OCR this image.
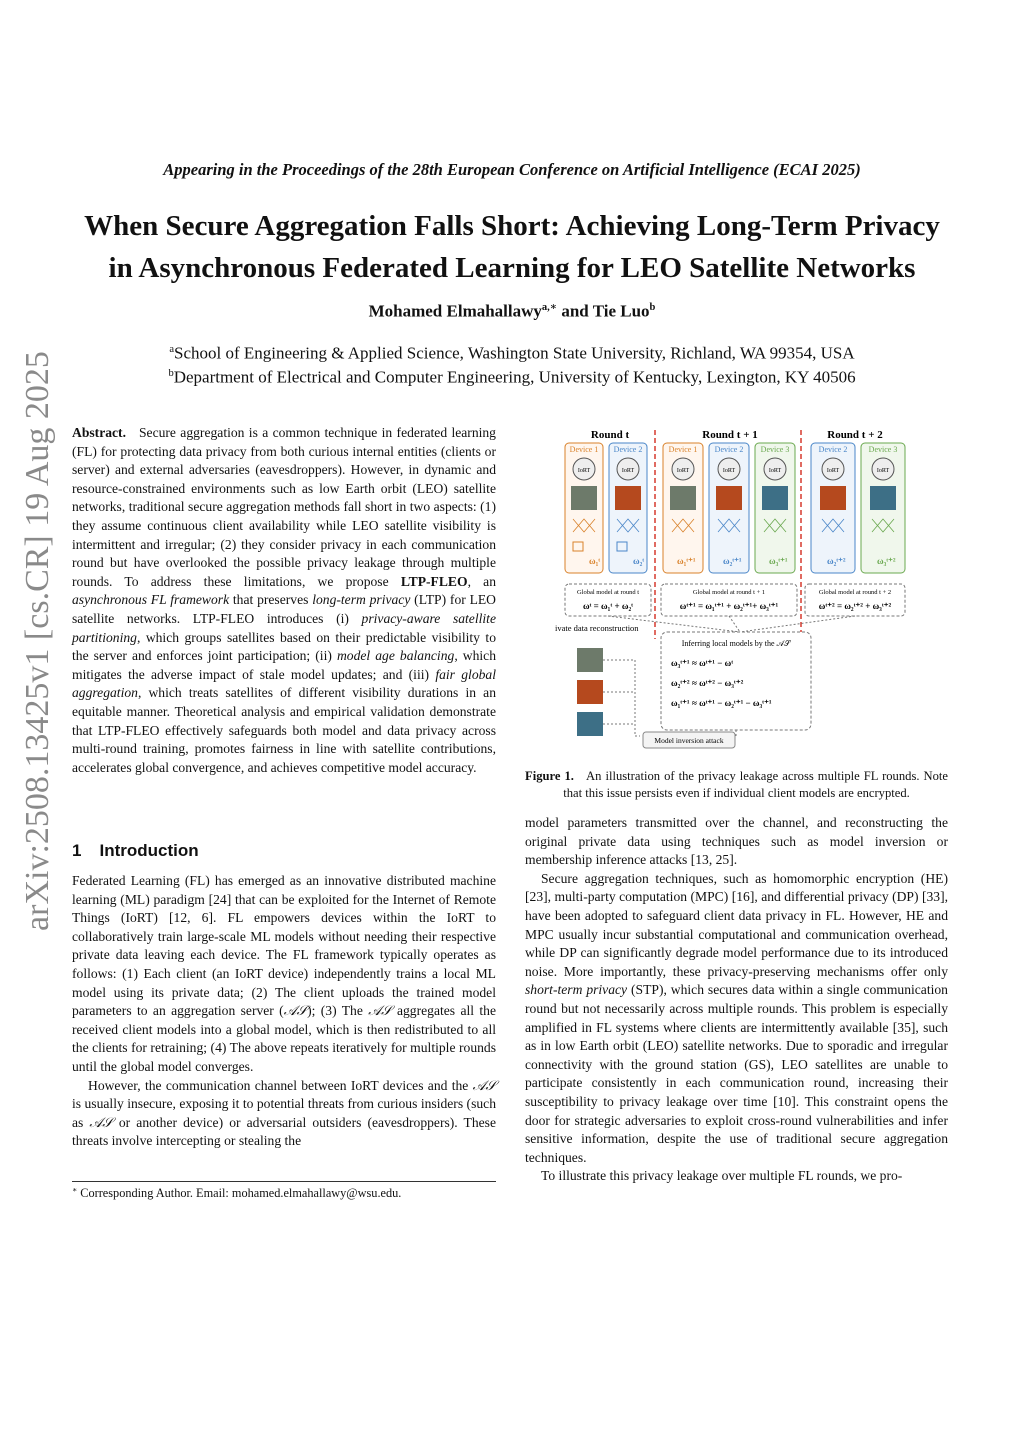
Appearing in the Proceedings of the 28th European Conference on Artificial Intelligence (ECAI 2025)
When Secure Aggregation Falls Short: Achieving Long-Term Privacy
in Asynchronous Federated Learning for LEO Satellite Networks
Mohamed Elmahallawy$^{a,∗}$ and Tie Luo$^b$
$^a$School of Engineering & Applied Science, Washington State University, Richland, WA 99354, USA
$^b$Department of Electrical and Computer Engineering, University of Kentucky, Lexington, KY 40506
arXiv:2508.13425v1 [cs.CR] 19 Aug 2025	Abstract. Secure aggregation is a common technique in federated learning (FL) for protecting data privacy from both curious internal entities (clients or server) and external adversaries (eavesdroppers). However, in dynamic and resource-constrained environments such as low Earth orbit (LEO) satellite networks, traditional secure aggregation methods fall short in two aspects: (1) they assume continuous client availability while LEO satellite visibility is intermittent and irregular; (2) they consider privacy in each communication round but have overlooked the possible privacy leakage through multiple rounds. To address these limitations, we propose LTP-FLEO, an asynchronous FL framework that preserves long-term privacy (LTP) for LEO satellite networks. LTP-FLEO introduces (i) privacy-aware satellite partitioning, which groups satellites based on their predictable visibility to the server and enforces joint participation; (ii) model age balancing, which mitigates the adverse impact of stale model updates; and (iii) fair global aggregation, which treats satellites of different visibility durations in an equitable manner. Theoretical analysis and empirical validation demonstrate that LTP-FLEO effectively safeguards both model and data privacy across multi-round training, promotes fairness in line with satellite contributions, accelerates global convergence, and achieves competitive model accuracy.

1 Introduction

Federated Learning (FL) has emerged as an innovative distributed machine learning (ML) paradigm [24] that can be exploited for the Internet of Remote Things (IoRT) [12, 6]. FL empowers devices within the IoRT to collaboratively train large-scale ML models without needing their respective private data leaving each device. The FL framework typically operates as follows: (1) Each client (an IoRT device) independently trains a local ML model using its private data; (2) The client uploads the trained model parameters to an aggregation server (𝒜𝒮); (3) The 𝒜𝒮 aggregates all the received client models into a global model, which is then redistributed to all the clients for retraining; (4) The above repeats iteratively for multiple rounds until the global model converges.

However, the communication channel between IoRT devices and the 𝒜𝒮 is usually insecure, exposing it to potential threats from curious insiders (such as 𝒜𝒮 or another device) or adversarial outsiders (eavesdroppers). These threats involve intercepting or stealing the

∗ Corresponding Author. Email: mohamed.elmahallawy@wsu.edu.
Round t	Round t + 1	Round t + 2
Device 1
IoRT
ω₁ᵗ
Device 2
IoRT
ω₂ᵗ
Device 1
IoRT
ω₁ᵗ⁺¹
Device 2
IoRT
ω₂ᵗ⁺¹
Device 3
IoRT
ω₃ᵗ⁺¹
Device 2
IoRT
ω₂ᵗ⁺²
Device 3
IoRT
ω₃ᵗ⁺²
Global model at round t
ωᵗ = ω₁ᵗ + ω₂ᵗ
Global model at round t + 1
ωᵗ⁺¹ = ω₁ᵗ⁺¹ + ω₂ᵗ⁺¹+ ω₃ᵗ⁺¹
Global model at round t + 2
ωᵗ⁺² = ω₂ᵗ⁺² + ω₃ᵗ⁺²
Private data reconstruction
Inferring local models by the 𝒜𝒮
ω₃ᵗ⁺¹ ≈ ωᵗ⁺¹ − ωᵗ
ω₂ᵗ⁺² ≈ ωᵗ⁺² − ω₃ᵗ⁺²
ω₁ᵗ⁺¹ ≈ ωᵗ⁺¹ − ω₂ᵗ⁺¹ − ω₃ᵗ⁺¹
Model inversion attack
Figure 1. An illustration of the privacy leakage across multiple FL rounds. Note that this issue persists even if individual client models are encrypted.

model parameters transmitted over the channel, and reconstructing the original private data using techniques such as model inversion or membership inference attacks [13, 25].

Secure aggregation techniques, such as homomorphic encryption (HE) [23], multi-party computation (MPC) [16], and differential privacy (DP) [33], have been adopted to safeguard client data privacy in FL. However, HE and MPC usually incur substantial computational and communication overhead, while DP can significantly degrade model performance due to its introduced noise. More importantly, these privacy-preserving mechanisms offer only short-term privacy (STP), which secures data within a single communication round but not necessarily across multiple rounds. This problem is especially amplified in FL systems where clients are intermittently available [35], such as in low Earth orbit (LEO) satellite networks. Due to sporadic and irregular connectivity with the ground station (GS), LEO satellites are unable to participate consistently in each communication round, increasing their susceptibility to privacy leakage over time [10]. This constraint opens the door for strategic adversaries to exploit cross-round vulnerabilities and infer sensitive information, despite the use of traditional secure aggregation techniques.

To illustrate this privacy leakage over multiple FL rounds, we pro-
